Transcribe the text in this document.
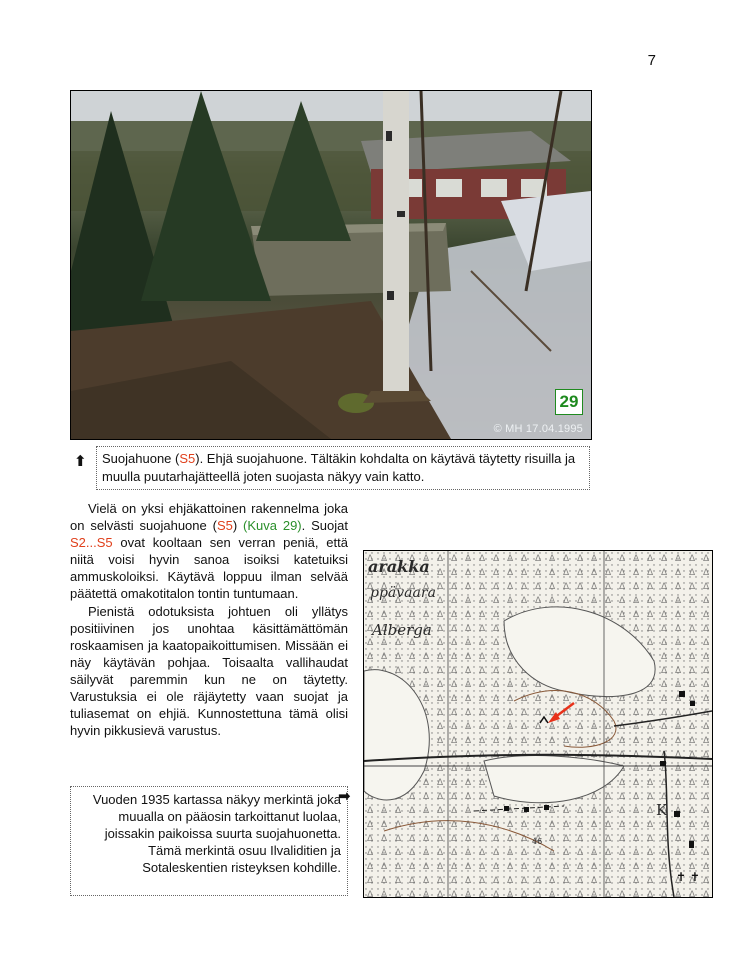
7
29
© MH 17.04.1995
⬆	Suojahuone (S5). Ehjä suojahuone. Tältäkin kohdalta on käytävä täytetty risuilla ja muulla puutarhajätteellä joten suojasta näkyy vain katto.

Vielä on yksi ehjäkattoinen rakennelma joka on selvästi suojahuone (S5) (Kuva 29). Suojat S2...S5 ovat kooltaan sen verran peniä, että niitä voisi hyvin sanoa isoiksi katetuiksi ammuskoloiksi. Käytävä loppuu ilman selvää päätettä omakotitalon tontin tuntumaan.

Pienistä odotuksista johtuen oli yllätys positiivinen jos unohtaa käsittämättömän roskaamisen ja kaatopaikoittumisen. Missään ei näy käytävän pohjaa. Toisaalta vallihaudat säilyvät paremmin kun ne on täytetty. Varustuksia ei ole räjäytetty vaan suojat ja tuliasemat on ehjiä. Kunnostettuna tämä olisi hyvin pikkusievä varustus.

Vuoden 1935 kartassa näkyy merkintä joka muualla on pääosin tarkoittanut luolaa, joissakin paikoissa suurta suojahuonetta. Tämä merkintä osuu Ilvaliditien ja Sotaleskentien risteyksen kohdille.
➡
✝ ✝
arakka
ppävaara
Alberga
K
46
